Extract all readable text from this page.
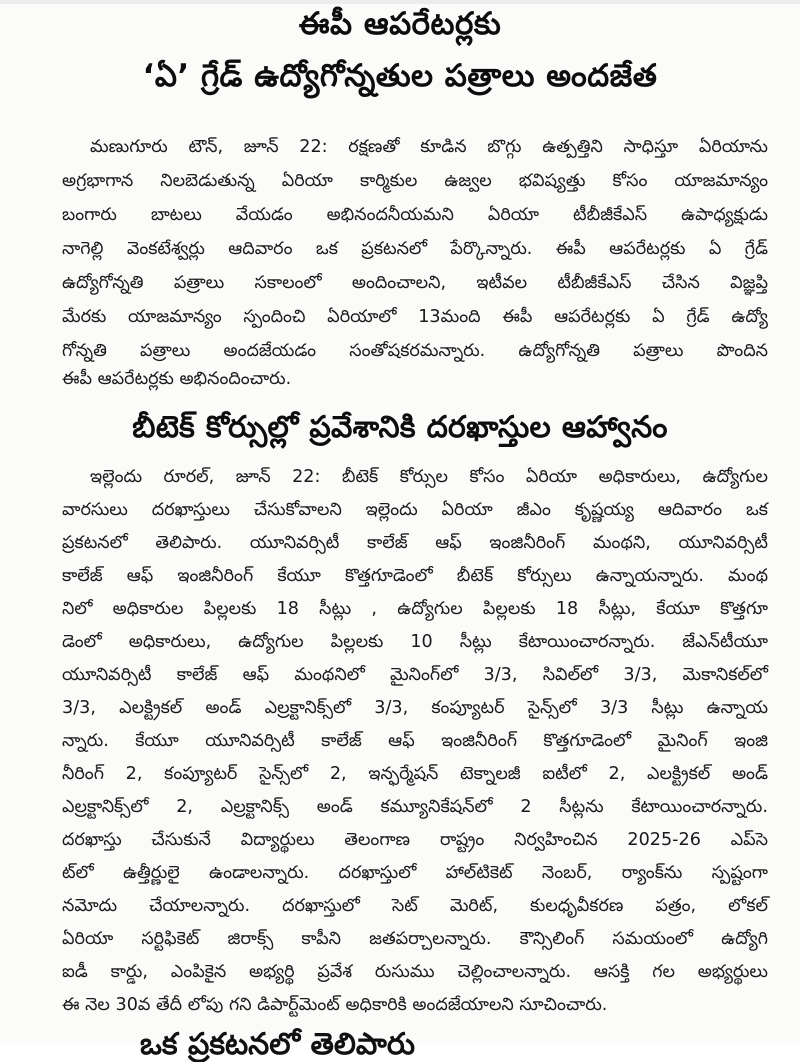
ఈపీ ఆపరేటర్లకు
‘ఏ’ గ్రేడ్‌ ఉద్యోగోన్నతుల పత్రాలు అందజేత
మణుగూరు టౌన్‌, జూన్‌ 22: రక్షణతో కూడిన బొగ్గు ఉత్పత్తిని సాధిస్తూ ఏరియాను
అగ్రభాగాన నిలబెడుతున్న ఏరియా కార్మికుల ఉజ్వల భవిష్యత్తు కోసం యాజమాన్యం
బంగారు బాటలు వేయడం అభినందనీయమని ఏరియా టీబీజీకేఎస్‌ ఉపాధ్యక్షుడు
నాగెల్లి వెంకటేశ్వర్లు ఆదివారం ఒక ప్రకటనలో పేర్కొన్నారు. ఈపీ ఆపరేటర్లకు ఏ గ్రేడ్‌
ఉద్యోగోన్నతి పత్రాలు సకాలంలో అందించాలని, ఇటీవల టీబీజీకేఎస్‌ చేసిన విజ్ఞప్తి
మేరకు యాజమాన్యం స్పందించి ఏరియాలో 13మంది ఈపీ ఆపరేటర్లకు ఏ గ్రేడ్‌ ఉద్యో
గోన్నతి పత్రాలు అందజేయడం సంతోషకరమన్నారు. ఉద్యోగోన్నతి పత్రాలు పొందిన
ఈపీ ఆపరేటర్లకు అభినందించారు.
బీటెక్‌ కోర్సుల్లో ప్రవేశానికి దరఖాస్తుల ఆహ్వానం
ఇల్లెందు రూరల్‌, జూన్‌ 22: బీటెక్‌ కోర్సుల కోసం ఏరియా అధికారులు, ఉద్యోగుల
వారసులు దరఖాస్తులు చేసుకోవాలని ఇల్లెందు ఏరియా జీఎం కృష్ణయ్య ఆదివారం ఒక
ప్రకటనలో తెలిపారు. యూనివర్సిటీ కాలేజ్‌ ఆఫ్‌ ఇంజినీరింగ్‌ మంథని, యూనివర్సిటీ
కాలేజ్‌ ఆఫ్‌ ఇంజినీరింగ్‌ కేయూ కొత్తగూడెంలో బీటెక్‌ కోర్సులు ఉన్నాయన్నారు. మంథ
నిలో అధికారుల పిల్లలకు 18 సీట్లు , ఉద్యోగుల పిల్లలకు 18 సీట్లు, కేయూ కొత్తగూ
డెంలో అధికారులు, ఉద్యోగుల పిల్లలకు 10 సీట్లు కేటాయించారన్నారు. జేఎన్‌టీయూ
యూనివర్సిటీ కాలేజ్‌ ఆఫ్‌ మంథనిలో మైనింగ్‌లో 3/3, సివిల్‌లో 3/3, మెకానికల్‌లో
3/3, ఎలక్ట్రికల్‌ అండ్‌ ఎల్రక్టానిక్స్‌లో 3/3, కంప్యూటర్‌ సైన్స్‌లో 3/3 సీట్లు ఉన్నాయ
న్నారు. కేయూ యూనివర్సిటీ కాలేజ్‌ ఆఫ్‌ ఇంజినీరింగ్‌ కొత్తగూడెంలో మైనింగ్‌ ఇంజి
నీరింగ్‌ 2, కంప్యూటర్‌ సైన్స్‌లో 2, ఇన్ఫర్మేషన్‌ టెక్నాలజీ ఐటీలో 2, ఎలక్ట్రికల్‌ అండ్‌
ఎల్రక్టానిక్స్‌లో 2, ఎల్రక్టానిక్స్‌ అండ్‌ కమ్యూనికేషన్‌లో 2 సీట్లను కేటాయించారన్నారు.
దరఖాస్తు చేసుకునే విద్యార్థులు తెలంగాణ రాష్ట్రం నిర్వహించిన 2025-26 ఎప్‌సె
ట్‌లో ఉత్తీర్ణులై ఉండాలన్నారు. దరఖాస్తులో హాల్‌టికెట్‌ నెంబర్‌, ర్యాంక్‌ను స్పష్టంగా
నమోదు చేయాలన్నారు. దరఖాస్తులో సెట్‌ మెరిట్‌, కులధృవీకరణ పత్రం, లోకల్‌
ఏరియా సర్టిఫికెట్‌ జిరాక్స్‌ కాపీని జతపర్చాలన్నారు. కౌన్సిలింగ్‌ సమయంలో ఉద్యోగి
ఐడీ కార్డు, ఎంపికైన అభ్యర్థి ప్రవేశ రుసుము చెల్లించాలన్నారు. ఆసక్తి గల అభ్యర్థులు
ఈ నెల 30వ తేదీ లోపు గని డిపార్ట్‌మెంట్‌ అధికారికి అందజేయాలని సూచించారు.
ఒక ప్రకటనలో తెలిపారు
